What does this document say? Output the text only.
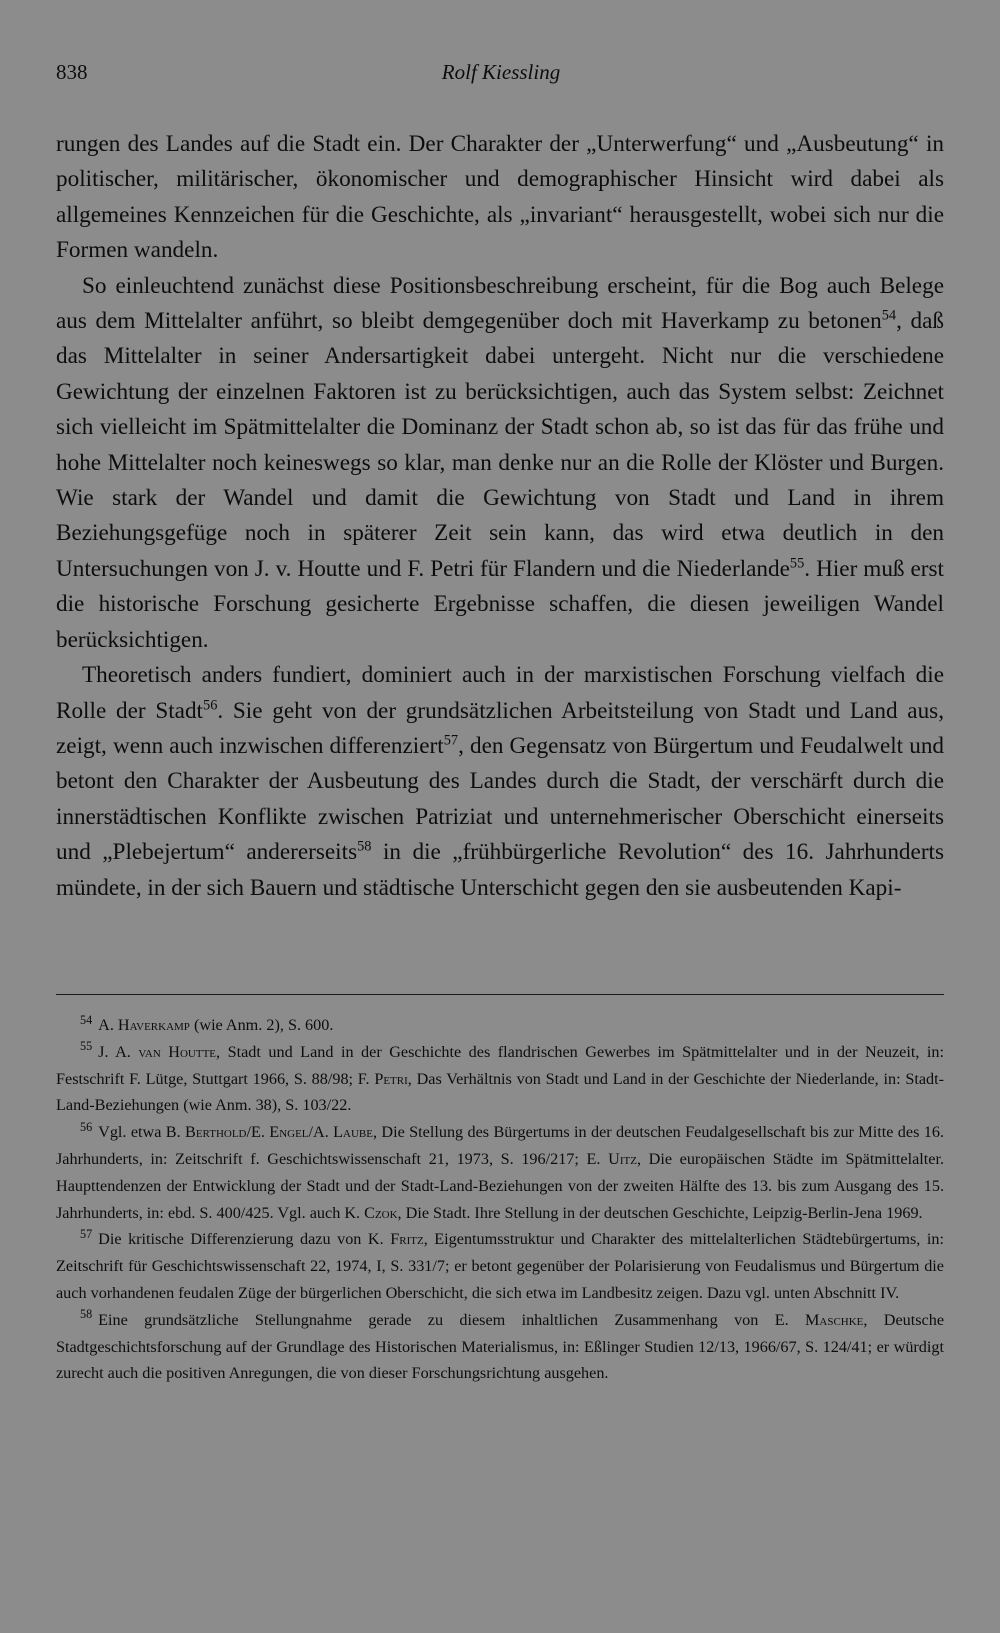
838	Rolf Kiessling

rungen des Landes auf die Stadt ein. Der Charakter der „Unterwerfung“ und „Ausbeutung“ in politischer, militärischer, ökonomischer und demographischer Hinsicht wird dabei als allgemeines Kennzeichen für die Geschichte, als „invariant“ herausgestellt, wobei sich nur die Formen wandeln.

So einleuchtend zunächst diese Positionsbeschreibung erscheint, für die Bog auch Belege aus dem Mittelalter anführt, so bleibt demgegenüber doch mit Haverkamp zu betonen$^{54}$, daß das Mittelalter in seiner Andersartigkeit dabei untergeht. Nicht nur die verschiedene Gewichtung der einzelnen Faktoren ist zu berücksichtigen, auch das System selbst: Zeichnet sich vielleicht im Spätmittelalter die Dominanz der Stadt schon ab, so ist das für das frühe und hohe Mittelalter noch keineswegs so klar, man denke nur an die Rolle der Klöster und Burgen. Wie stark der Wandel und damit die Gewichtung von Stadt und Land in ihrem Beziehungsgefüge noch in späterer Zeit sein kann, das wird etwa deutlich in den Untersuchungen von J. v. Houtte und F. Petri für Flandern und die Niederlande$^{55}$. Hier muß erst die historische Forschung gesicherte Ergebnisse schaffen, die diesen jeweiligen Wandel berücksichtigen.

Theoretisch anders fundiert, dominiert auch in der marxistischen Forschung vielfach die Rolle der Stadt$^{56}$. Sie geht von der grundsätzlichen Arbeitsteilung von Stadt und Land aus, zeigt, wenn auch inzwischen differenziert$^{57}$, den Gegensatz von Bürgertum und Feudalwelt und betont den Charakter der Ausbeutung des Landes durch die Stadt, der verschärft durch die innerstädtischen Konflikte zwischen Patriziat und unternehmerischer Oberschicht einerseits und „Plebejertum“ andererseits$^{58}$ in die „frühbürgerliche Revolution“ des 16. Jahrhunderts mündete, in der sich Bauern und städtische Unterschicht gegen den sie ausbeutenden Kapi-

$^{54}$ A. Haverkamp (wie Anm. 2), S. 600.

$^{55}$ J. A. van Houtte, Stadt und Land in der Geschichte des flandrischen Gewerbes im Spätmittelalter und in der Neuzeit, in: Festschrift F. Lütge, Stuttgart 1966, S. 88/98; F. Petri, Das Verhältnis von Stadt und Land in der Geschichte der Niederlande, in: Stadt-Land-Beziehungen (wie Anm. 38), S. 103/22.

$^{56}$ Vgl. etwa B. Berthold/E. Engel/A. Laube, Die Stellung des Bürgertums in der deutschen Feudalgesellschaft bis zur Mitte des 16. Jahrhunderts, in: Zeitschrift f. Geschichtswissenschaft 21, 1973, S. 196/217; E. Uitz, Die europäischen Städte im Spätmittelalter. Haupttendenzen der Entwicklung der Stadt und der Stadt-Land-Beziehungen von der zweiten Hälfte des 13. bis zum Ausgang des 15. Jahrhunderts, in: ebd. S. 400/425. Vgl. auch K. Czok, Die Stadt. Ihre Stellung in der deutschen Geschichte, Leipzig-Berlin-Jena 1969.

$^{57}$ Die kritische Differenzierung dazu von K. Fritz, Eigentumsstruktur und Charakter des mittelalterlichen Städtebürgertums, in: Zeitschrift für Geschichtswissenschaft 22, 1974, I, S. 331/7; er betont gegenüber der Polarisierung von Feudalismus und Bürgertum die auch vorhandenen feudalen Züge der bürgerlichen Oberschicht, die sich etwa im Landbesitz zeigen. Dazu vgl. unten Abschnitt IV.

$^{58}$ Eine grundsätzliche Stellungnahme gerade zu diesem inhaltlichen Zusammenhang von E. Maschke, Deutsche Stadtgeschichtsforschung auf der Grundlage des Historischen Materialismus, in: Eßlinger Studien 12/13, 1966/67, S. 124/41; er würdigt zurecht auch die positiven Anregungen, die von dieser Forschungsrichtung ausgehen.
